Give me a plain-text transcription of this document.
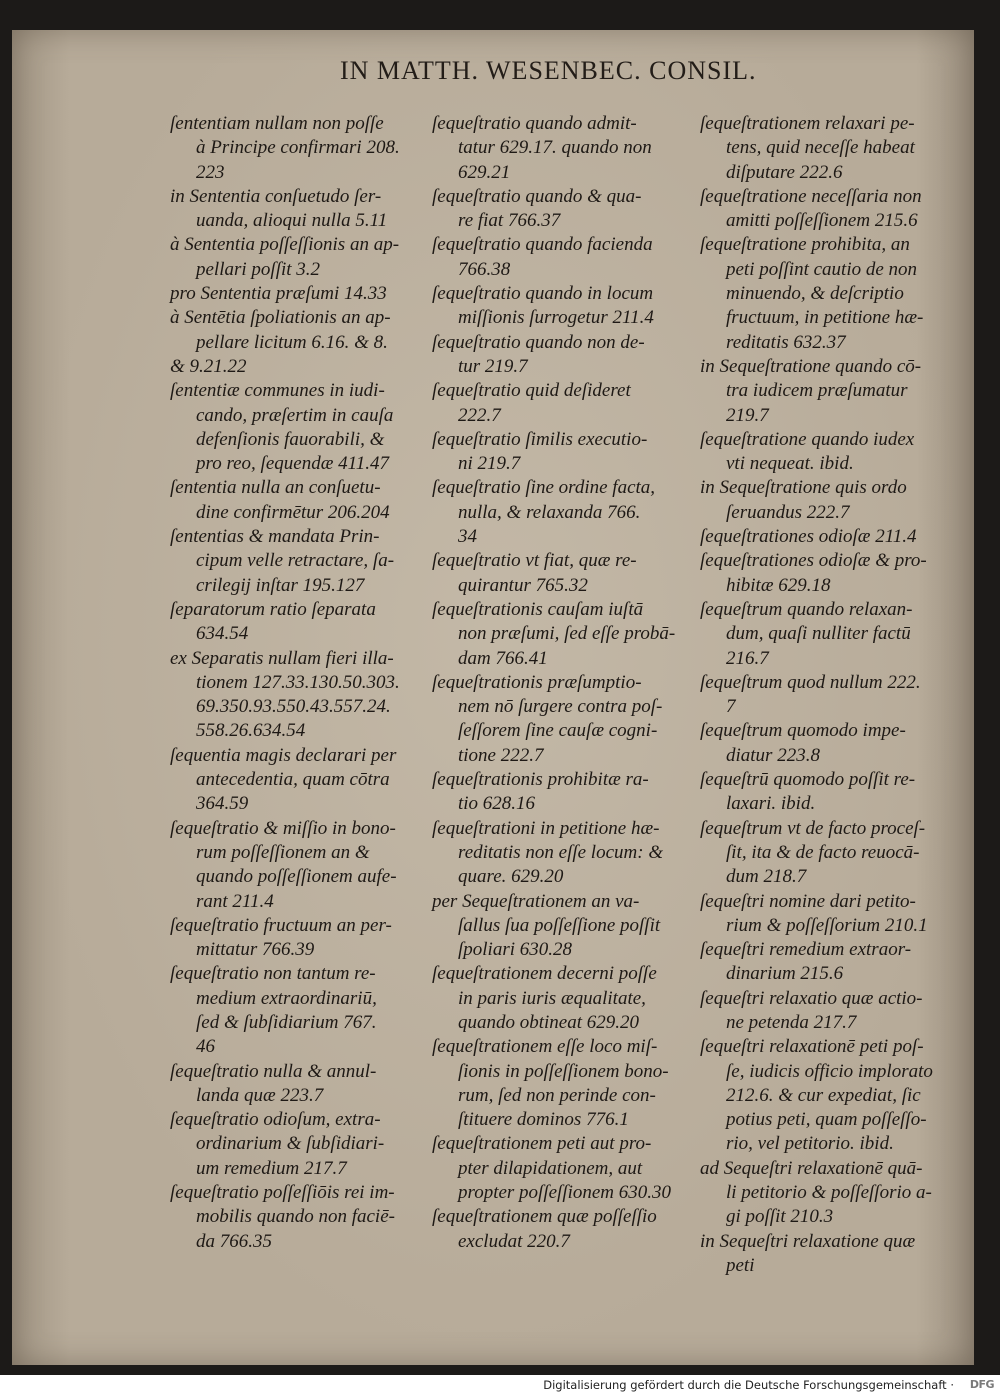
IN MATTH. WESENBEC. CONSIL.
ſententiam nullam non poſſe
à Principe confirmari 208.
223
in Sententia conſuetudo ſer-
uanda, alioqui nulla 5.11
à Sententia poſſeſſionis an ap-
pellari poſſit 3.2
pro Sententia præſumi 14.33
à Sentētia ſpoliationis an ap-
pellare licitum 6.16. & 8.
& 9.21.22
ſententiæ communes in iudi-
cando, præſertim in cauſa
defenſionis fauorabili, &
pro reo, ſequendæ 411.47
ſententia nulla an conſuetu-
dine confirmētur 206.204
ſententias & mandata Prin-
cipum velle retractare, ſa-
crilegij inſtar 195.127
ſeparatorum ratio ſeparata
634.54
ex Separatis nullam fieri illa-
tionem 127.33.130.50.303.
69.350.93.550.43.557.24.
558.26.634.54
ſequentia magis declarari per
antecedentia, quam cōtra
364.59
ſequeſtratio & miſſio in bono-
rum poſſeſſionem an &
quando poſſeſſionem aufe-
rant 211.4
ſequeſtratio fructuum an per-
mittatur 766.39
ſequeſtratio non tantum re-
medium extraordinariū,
ſed & ſubſidiarium 767.
46
ſequeſtratio nulla & annul-
landa quæ 223.7
ſequeſtratio odioſum, extra-
ordinarium & ſubſidiari-
um remedium 217.7
ſequeſtratio poſſeſſiōis rei im-
mobilis quando non faciē-
da 766.35
ſequeſtratio quando admit-
tatur 629.17. quando non
629.21
ſequeſtratio quando & qua-
re fiat 766.37
ſequeſtratio quando facienda
766.38
ſequeſtratio quando in locum
miſſionis ſurrogetur 211.4
ſequeſtratio quando non de-
tur 219.7
ſequeſtratio quid deſideret
222.7
ſequeſtratio ſimilis executio-
ni 219.7
ſequeſtratio ſine ordine facta,
nulla, & relaxanda 766.
34
ſequeſtratio vt fiat, quæ re-
quirantur 765.32
ſequeſtrationis cauſam iuſtā
non præſumi, ſed eſſe probā-
dam 766.41
ſequeſtrationis præſumptio-
nem nō ſurgere contra poſ-
ſeſſorem ſine cauſæ cogni-
tione 222.7
ſequeſtrationis prohibitæ ra-
tio 628.16
ſequeſtrationi in petitione hæ-
reditatis non eſſe locum: &
quare. 629.20
per Sequeſtrationem an va-
ſallus ſua poſſeſſione poſſit
ſpoliari 630.28
ſequeſtrationem decerni poſſe
in paris iuris æqualitate,
quando obtineat 629.20
ſequeſtrationem eſſe loco miſ-
ſionis in poſſeſſionem bono-
rum, ſed non perinde con-
ſtituere dominos 776.1
ſequeſtrationem peti aut pro-
pter dilapidationem, aut
propter poſſeſſionem 630.30
ſequeſtrationem quæ poſſeſſio
excludat 220.7
ſequeſtrationem relaxari pe-
tens, quid neceſſe habeat
diſputare 222.6
ſequeſtratione neceſſaria non
amitti poſſeſſionem 215.6
ſequeſtratione prohibita, an
peti poſſint cautio de non
minuendo, & deſcriptio
fructuum, in petitione hæ-
reditatis 632.37
in Sequeſtratione quando cō-
tra iudicem præſumatur
219.7
ſequeſtratione quando iudex
vti nequeat. ibid.
in Sequeſtratione quis ordo
ſeruandus 222.7
ſequeſtrationes odioſæ 211.4
ſequeſtrationes odioſæ & pro-
hibitæ 629.18
ſequeſtrum quando relaxan-
dum, quaſi nulliter factū
216.7
ſequeſtrum quod nullum 222.
7
ſequeſtrum quomodo impe-
diatur 223.8
ſequeſtrū quomodo poſſit re-
laxari. ibid.
ſequeſtrum vt de facto proceſ-
ſit, ita & de facto reuocā-
dum 218.7
ſequeſtri nomine dari petito-
rium & poſſeſſorium 210.1
ſequeſtri remedium extraor-
dinarium 215.6
ſequeſtri relaxatio quæ actio-
ne petenda 217.7
ſequeſtri relaxationē peti poſ-
ſe, iudicis officio implorato
212.6. & cur expediat, ſic
potius peti, quam poſſeſſo-
rio, vel petitorio. ibid.
ad Sequeſtri relaxationē quā-
li petitorio & poſſeſſorio a-
gi poſſit 210.3
in Sequeſtri relaxatione quæ
peti
Digitalisierung gefördert durch die Deutsche Forschungsgemeinschaft · DFG
